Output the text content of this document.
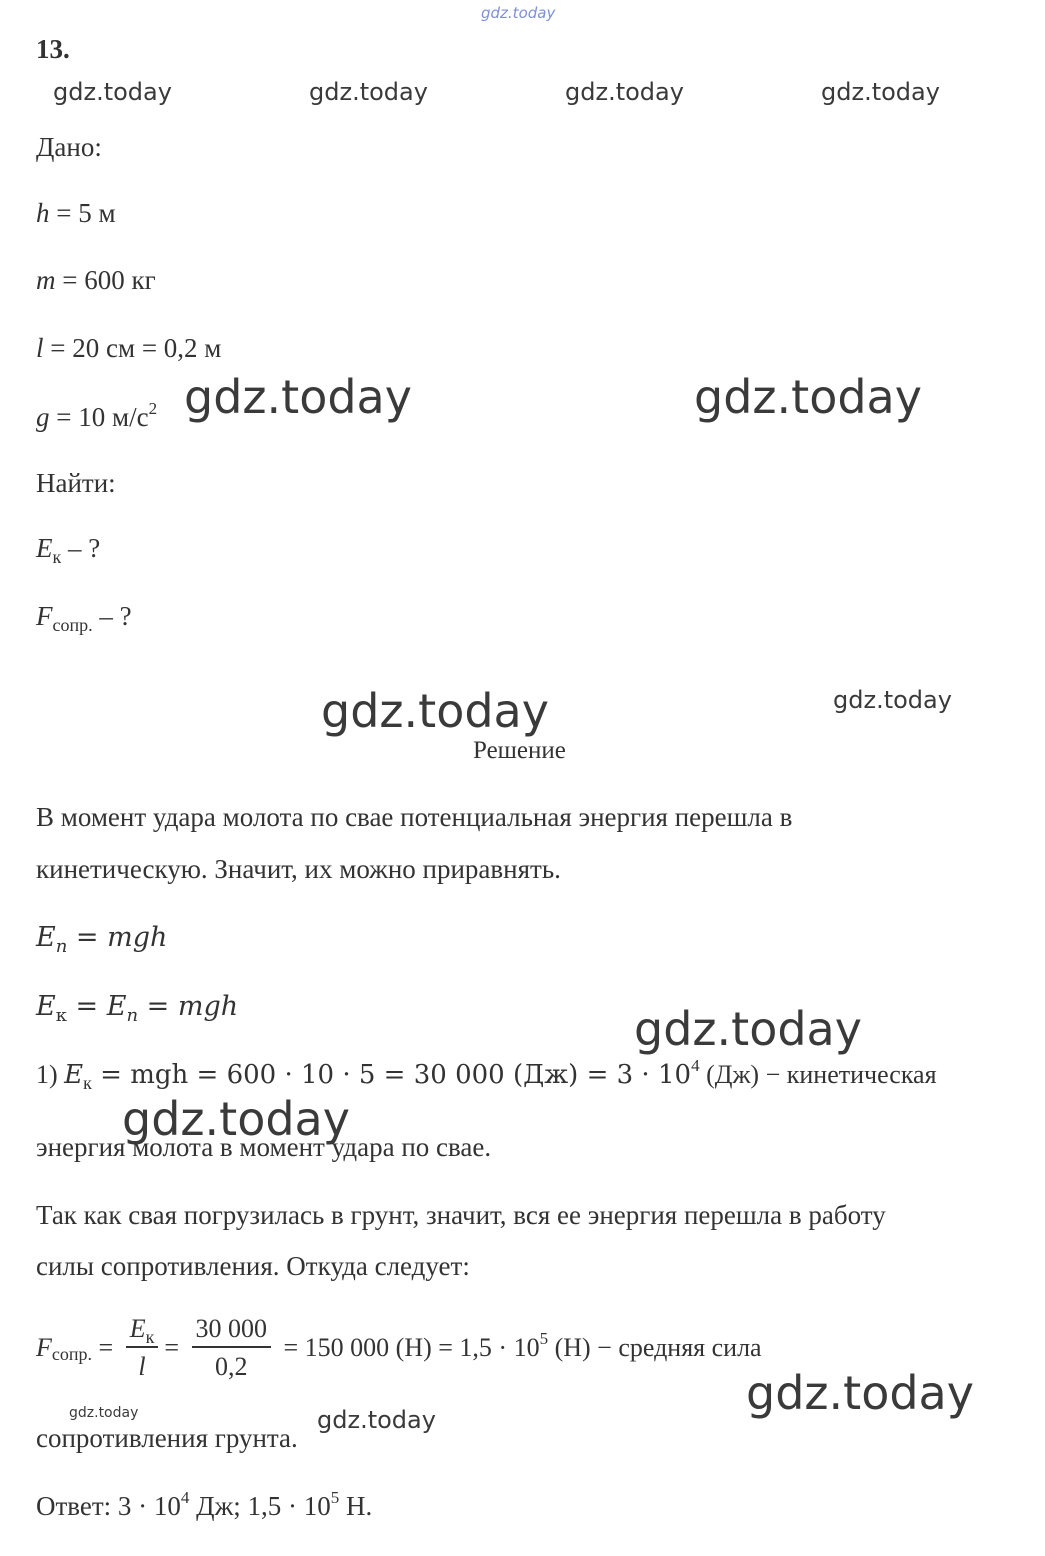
gdz.today
gdz.today	gdz.today	gdz.today	gdz.today
gdz.today	gdz.today
gdz.today	gdz.today
gdz.today
gdz.today
gdz.today
gdz.today	gdz.today
13.
Дано:
h = 5 м
m = 600 кг
l = 20 см = 0,2 м
g = 10 $м/с^2$
Найти:
$E_к$ – ?
$F_{сопр.}$ – ?
Решение
В момент удара молота по свае потенциальная энергия перешла в
кинетическую. Значит, их можно приравнять.
$E_n$ = mgh
$E_к = E_n$ = mgh
1) $E_к$ = mgh = 600 · 10 · 5 = 30 000 $(Дж) = 3 \cdot 10^4$ (Дж) − кинетическая
энергия молота в момент удара по свае.
Так как свая погрузилась в грунт, значит, вся ее энергия перешла в работу
силы сопротивления. Откуда следует:
$F_{сопр.} = \frac{E_к}{l} = \frac{30 000}{0,2} = 150$ 000 $(Н) = 1,5 \cdot 10^5$ (Н) − средняя сила
сопротивления грунта.
Ответ: $3 \cdot 10^4$ Дж; $1,5 \cdot 10^5$ Н.
